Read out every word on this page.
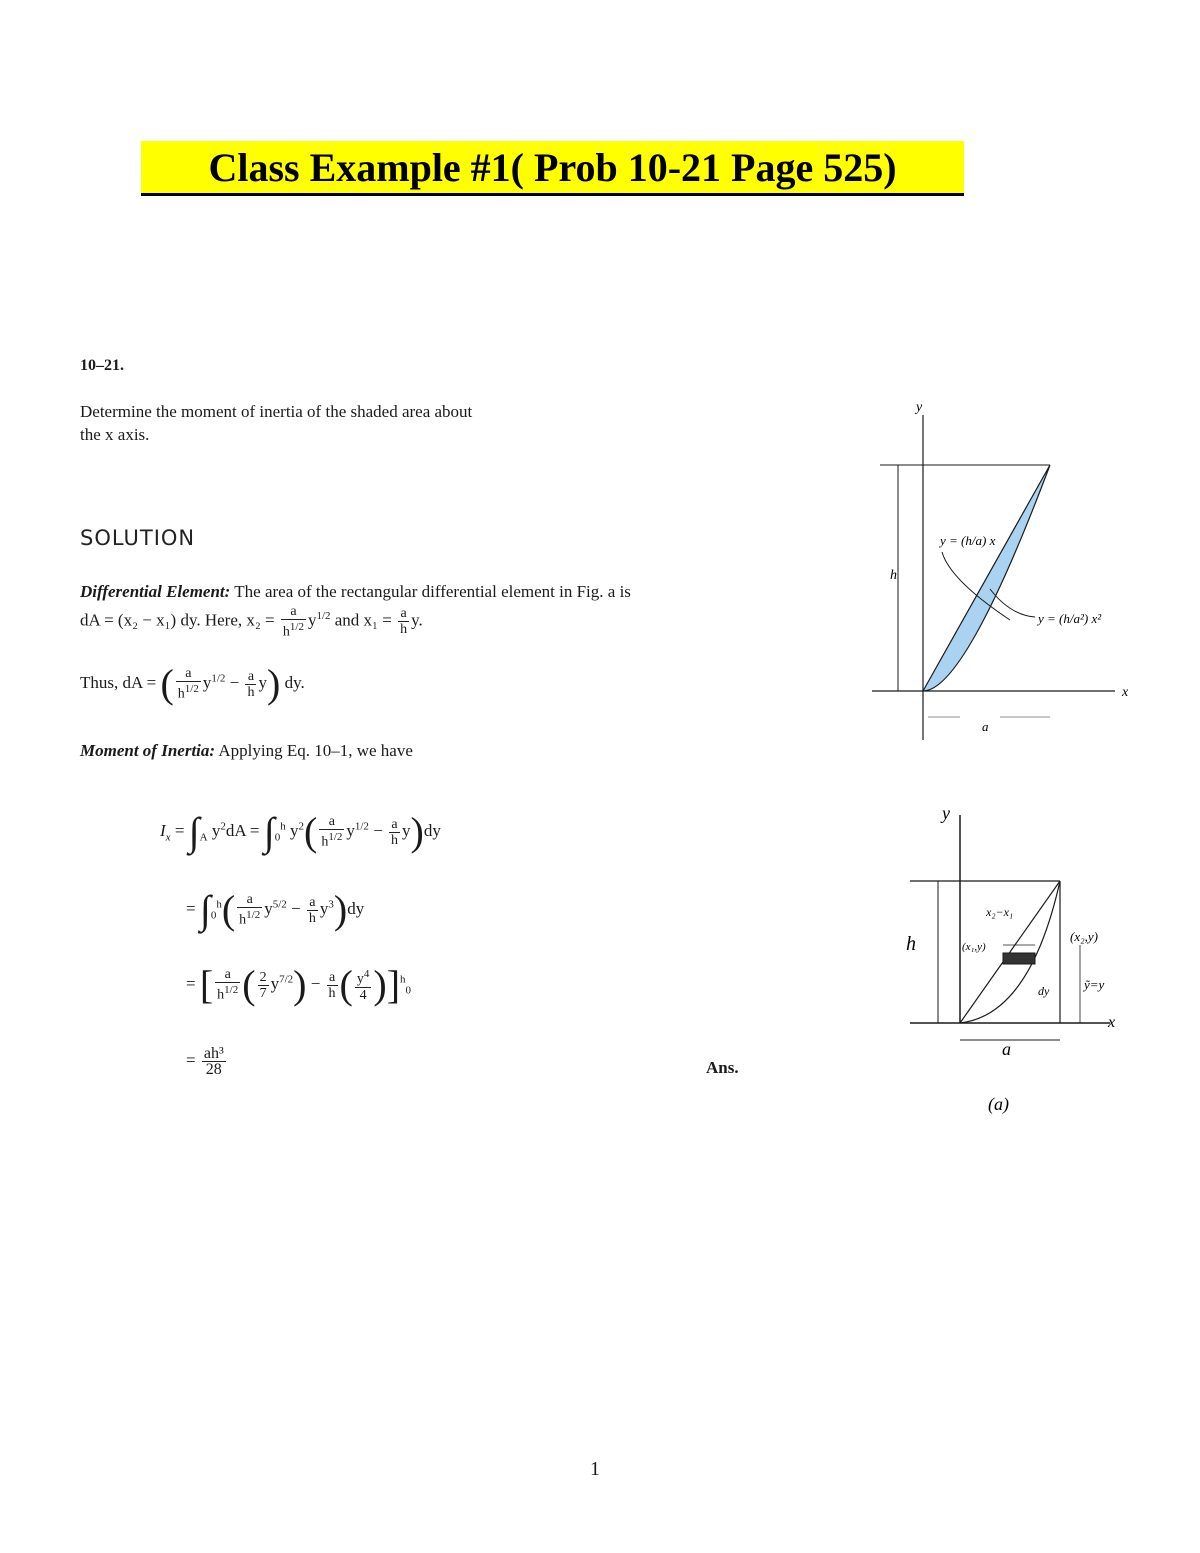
Class Example #1( Prob 10-21 Page 525)
10–21.
Determine the moment of inertia of the shaded area about
the x axis.
SOLUTION
Differential Element: The area of the rectangular differential element in Fig. a is
dA = (x₂ − x₁) dy. Here, $x_2 = \frac{a}{h^{1/2}} y^{1/2}$ and $x_1 = \frac{a}{h} y$.
Thus, dA = ( $\frac{a}{h^{1/2}} y^{1/2} - \frac{a}{h} y$) dy.
Moment of Inertia: Applying Eq. 10–1, we have
$I_x = \int_A$ $y^2dA = \int_0^h$ $y^2( \frac{a}{h^{1/2}} y^{1/2} - \frac{a}{h} y)dy$
= $\int_0^h( \frac{a}{h^{1/2}} y^{5/2} - \frac{a}{h} y^3)dy$
= [ $\frac{a}{h^{1/2}}$ ( $\frac{2}{7} y^{7/2}) - \frac{a}{h}$ ( $\frac{y^4}{4} )]^h_0$
= $\frac{\text{ah³}}{28}$	Ans.
y
x
h
a
y = (h/a) x
y = (h/a²) x²
y
x
h
a
(a)
x₂−x₁
(x₁,y)
(x₂,y)
dy	ỹ=y
1
